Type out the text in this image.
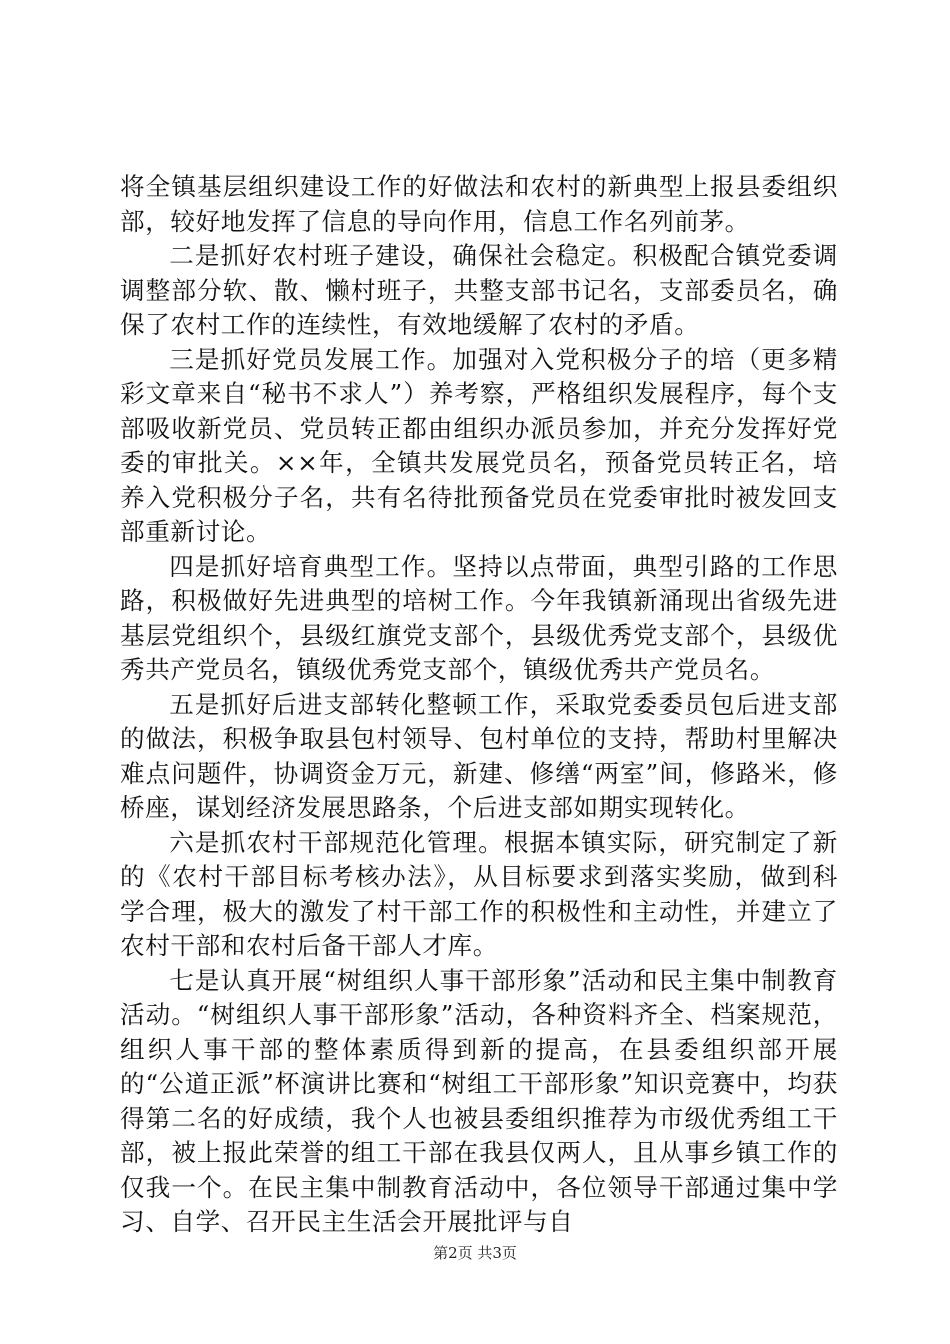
将全镇基层组织建设工作的好做法和农村的新典型上报县委组织部，较好地发挥了信息的导向作用，信息工作名列前茅。

二是抓好农村班子建设，确保社会稳定。积极配合镇党委调调整部分软、散、懒村班子，共整支部书记名，支部委员名，确保了农村工作的连续性，有效地缓解了农村的矛盾。

三是抓好党员发展工作。加强对入党积极分子的培（更多精彩文章来自“秘书不求人”）养考察，严格组织发展程序，每个支部吸收新党员、党员转正都由组织办派员参加，并充分发挥好党委的审批关。××年，全镇共发展党员名，预备党员转正名，培养入党积极分子名，共有名待批预备党员在党委审批时被发回支部重新讨论。

四是抓好培育典型工作。坚持以点带面，典型引路的工作思路，积极做好先进典型的培树工作。今年我镇新涌现出省级先进基层党组织个，县级红旗党支部个，县级优秀党支部个，县级优秀共产党员名，镇级优秀党支部个，镇级优秀共产党员名。

五是抓好后进支部转化整顿工作，采取党委委员包后进支部的做法，积极争取县包村领导、包村单位的支持，帮助村里解决难点问题件，协调资金万元，新建、修缮“两室”间，修路米，修桥座，谋划经济发展思路条，个后进支部如期实现转化。

六是抓农村干部规范化管理。根据本镇实际，研究制定了新的《农村干部目标考核办法》，从目标要求到落实奖励，做到科学合理，极大的激发了村干部工作的积极性和主动性，并建立了农村干部和农村后备干部人才库。

七是认真开展“树组织人事干部形象”活动和民主集中制教育活动。“树组织人事干部形象”活动，各种资料齐全、档案规范，组织人事干部的整体素质得到新的提高，在县委组织部开展的“公道正派”杯演讲比赛和“树组工干部形象”知识竞赛中，均获得第二名的好成绩，我个人也被县委组织推荐为市级优秀组工干部，被上报此荣誉的组工干部在我县仅两人，且从事乡镇工作的仅我一个。在民主集中制教育活动中，各位领导干部通过集中学习、自学、召开民主生活会开展批评与自

第2页 共3页
